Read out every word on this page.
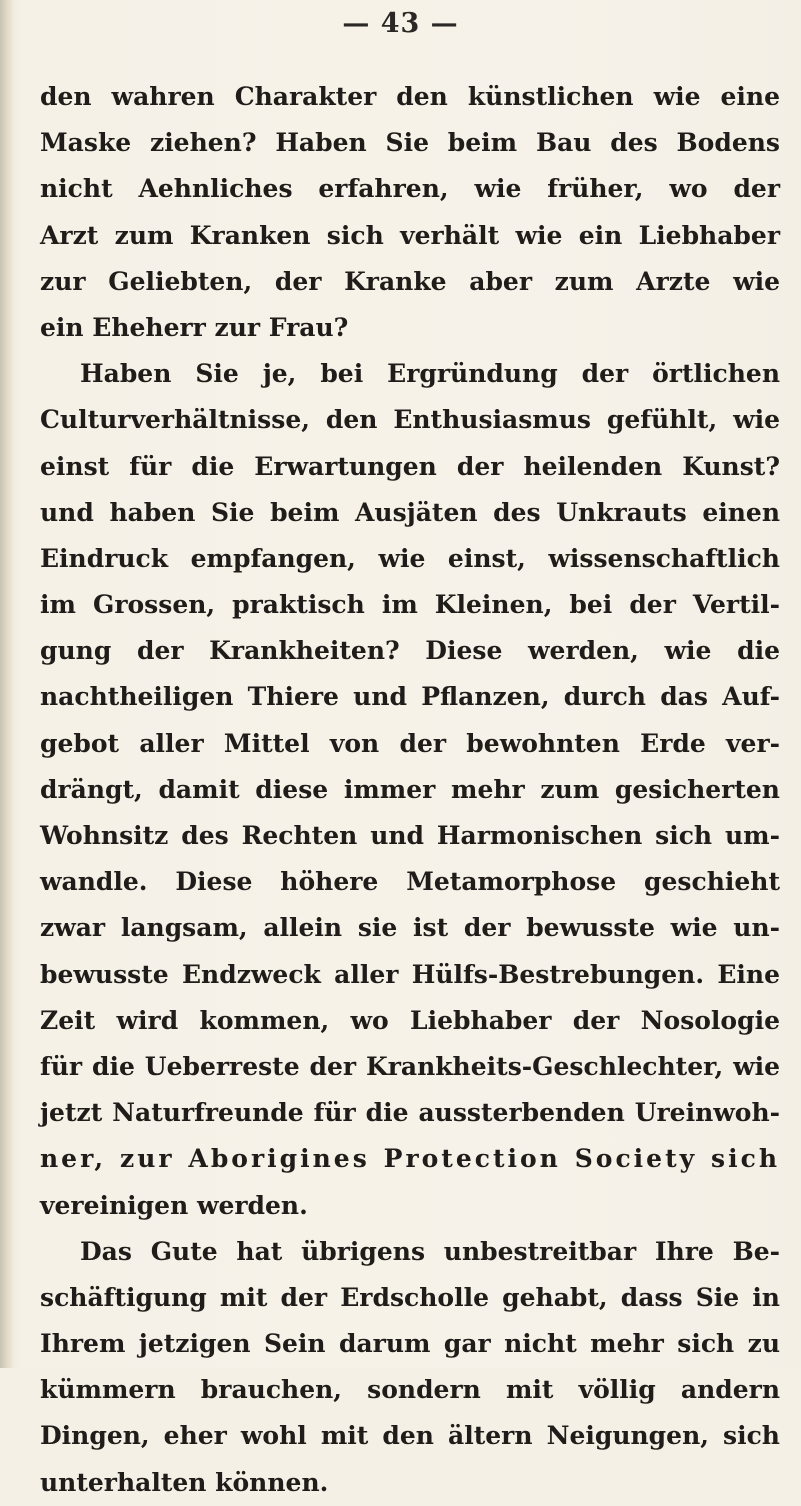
— 43 —
den wahren Charakter den künstlichen wie eine
Maske ziehen? Haben Sie beim Bau des Bodens
nicht Aehnliches erfahren, wie früher, wo der
Arzt zum Kranken sich verhält wie ein Liebhaber
zur Geliebten, der Kranke aber zum Arzte wie
ein Eheherr zur Frau?
Haben Sie je, bei Ergründung der örtlichen
Culturverhältnisse, den Enthusiasmus gefühlt, wie
einst für die Erwartungen der heilenden Kunst?
und haben Sie beim Ausjäten des Unkrauts einen
Eindruck empfangen, wie einst, wissenschaftlich
im Grossen, praktisch im Kleinen, bei der Vertil-
gung der Krankheiten? Diese werden, wie die
nachtheiligen Thiere und Pflanzen, durch das Auf-
gebot aller Mittel von der bewohnten Erde ver-
drängt, damit diese immer mehr zum gesicherten
Wohnsitz des Rechten und Harmonischen sich um-
wandle. Diese höhere Metamorphose geschieht
zwar langsam, allein sie ist der bewusste wie un-
bewusste Endzweck aller Hülfs-Bestrebungen. Eine
Zeit wird kommen, wo Liebhaber der Nosologie
für die Ueberreste der Krankheits-Geschlechter, wie
jetzt Naturfreunde für die aussterbenden Ureinwoh-
ner, zur Aborigines Protection Society sich
vereinigen werden.
Das Gute hat übrigens unbestreitbar Ihre Be-
schäftigung mit der Erdscholle gehabt, dass Sie in
Ihrem jetzigen Sein darum gar nicht mehr sich zu
kümmern brauchen, sondern mit völlig andern
Dingen, eher wohl mit den ältern Neigungen, sich
unterhalten können.
